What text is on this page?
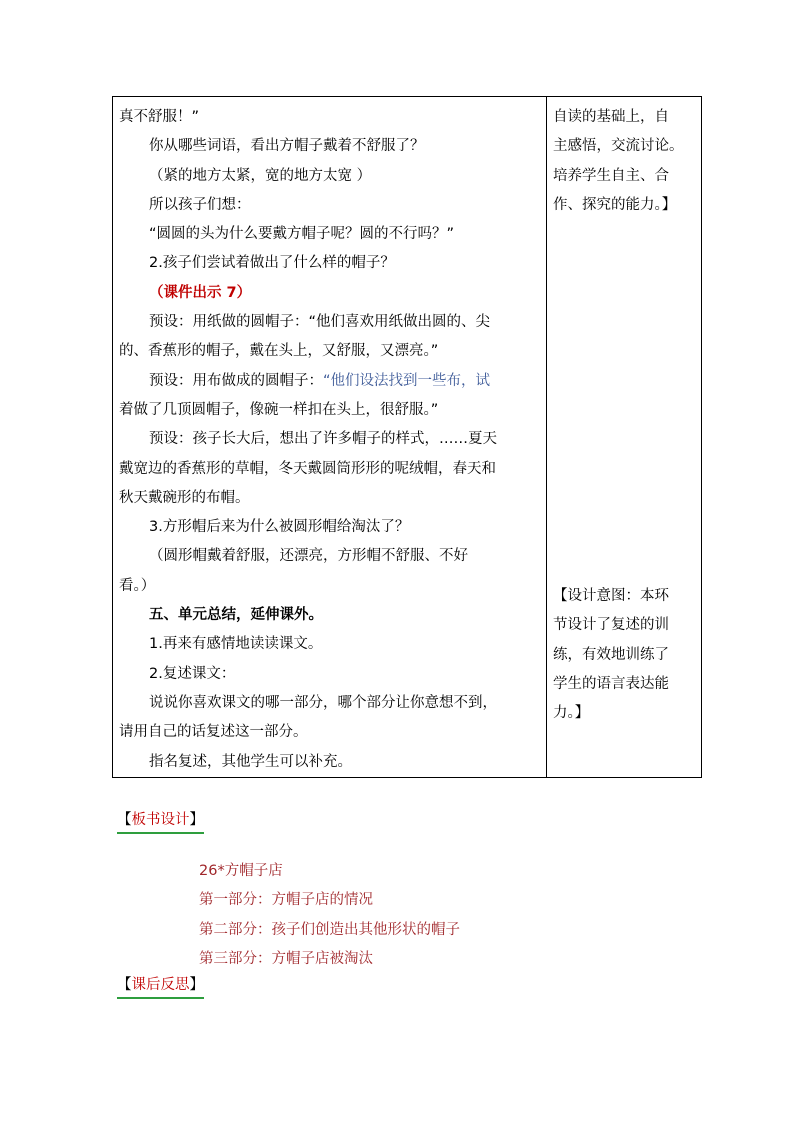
真不舒服！”
你从哪些词语，看出方帽子戴着不舒服了？
（紧的地方太紧，宽的地方太宽 ）
所以孩子们想：
“圆圆的头为什么要戴方帽子呢？圆的不行吗？”
2.孩子们尝试着做出了什么样的帽子？
（课件出示 7）
预设：用纸做的圆帽子：“他们喜欢用纸做出圆的、尖
的、香蕉形的帽子，戴在头上，又舒服，又漂亮。”
预设：用布做成的圆帽子：“他们设法找到一些布，试
着做了几顶圆帽子，像碗一样扣在头上，很舒服。”
预设：孩子长大后，想出了许多帽子的样式，……夏天
戴宽边的香蕉形的草帽，冬天戴圆筒形形的呢绒帽，春天和
秋天戴碗形的布帽。
3.方形帽后来为什么被圆形帽给淘汰了？
（圆形帽戴着舒服，还漂亮，方形帽不舒服、不好
看。）
五、单元总结，延伸课外。
1.再来有感情地读读课文。
2.复述课文：
说说你喜欢课文的哪一部分，哪个部分让你意想不到，
请用自己的话复述这一部分。
指名复述，其他学生可以补充。

自读的基础上，自
主感悟，交流讨论。
培养学生自主、合
作、探究的能力。】
【设计意图：本环
节设计了复述的训
练，有效地训练了
学生的语言表达能
力。】
【板书设计】
26*方帽子店
第一部分：方帽子店的情况
第二部分：孩子们创造出其他形状的帽子
第三部分：方帽子店被淘汰
【课后反思】
